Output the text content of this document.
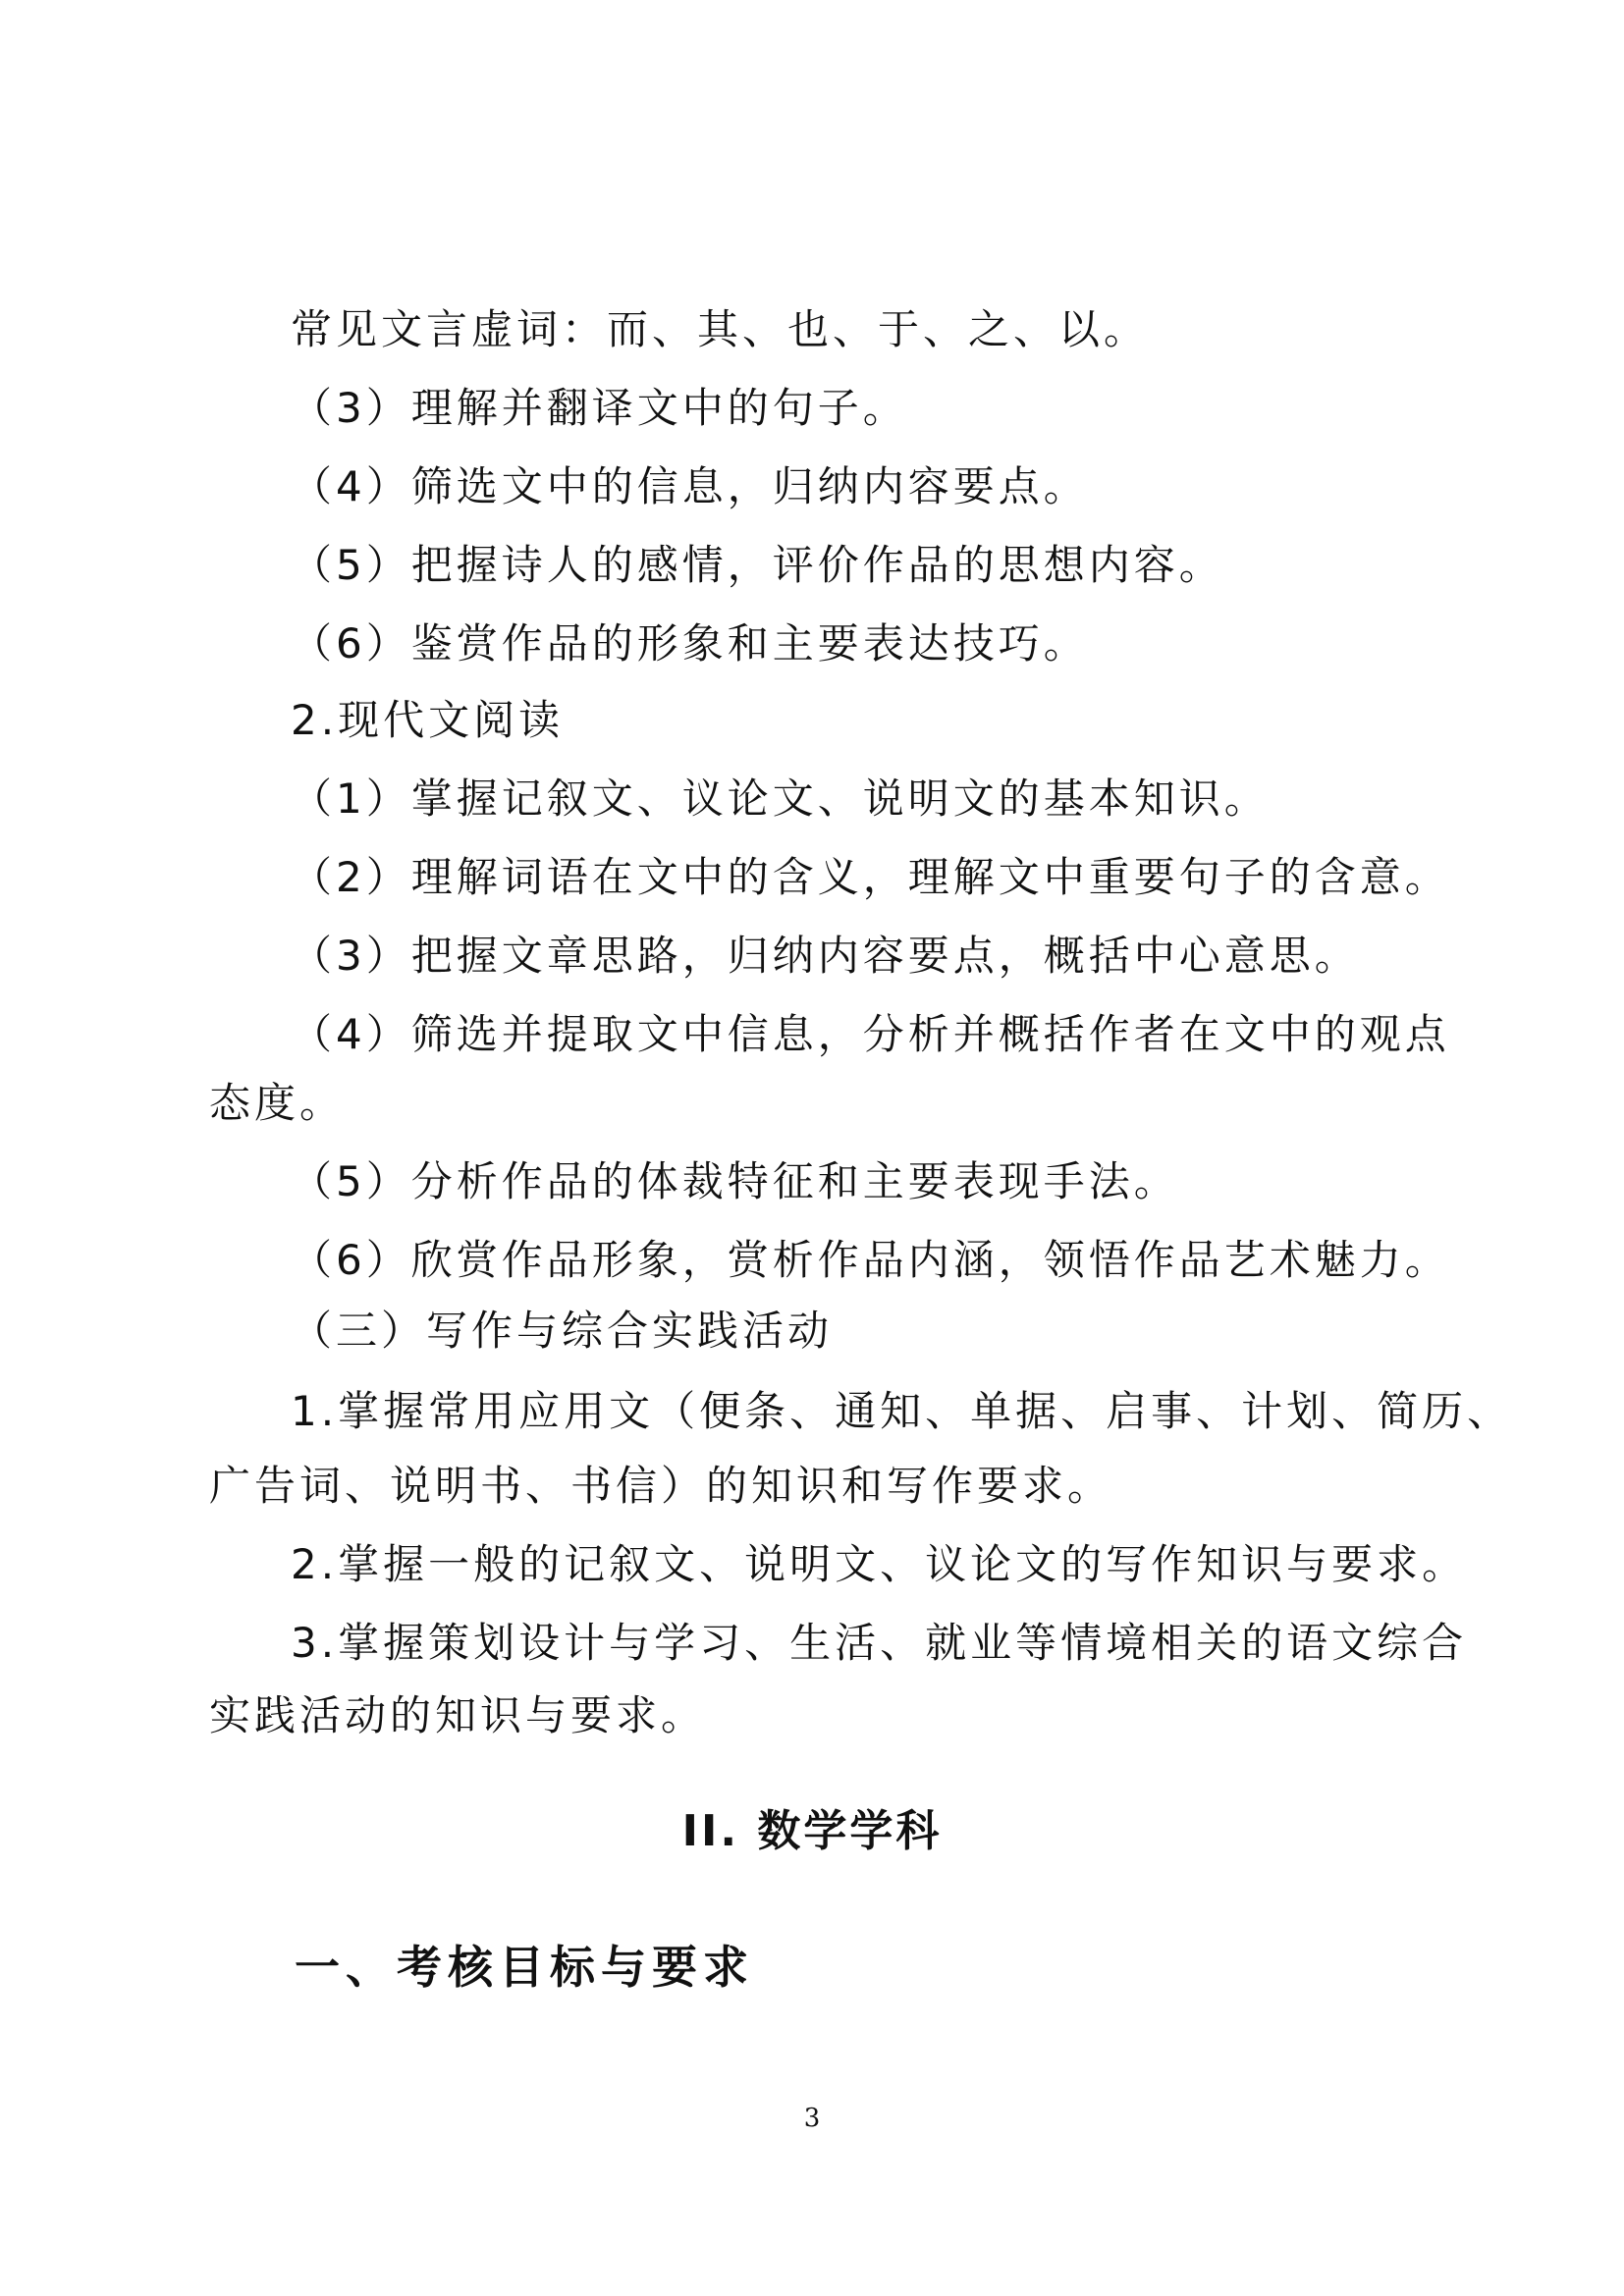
常见文言虚词：而、其、也、于、之、以。
（3）理解并翻译文中的句子。
（4）筛选文中的信息，归纳内容要点。
（5）把握诗人的感情，评价作品的思想内容。
（6）鉴赏作品的形象和主要表达技巧。
2.现代文阅读
（1）掌握记叙文、议论文、说明文的基本知识。
（2）理解词语在文中的含义，理解文中重要句子的含意。
（3）把握文章思路，归纳内容要点，概括中心意思。
（4）筛选并提取文中信息，分析并概括作者在文中的观点
态度。
（5）分析作品的体裁特征和主要表现手法。
（6）欣赏作品形象，赏析作品内涵，领悟作品艺术魅力。
（三）写作与综合实践活动
1.掌握常用应用文（便条、通知、单据、启事、计划、简历、
广告词、说明书、书信）的知识和写作要求。
2.掌握一般的记叙文、说明文、议论文的写作知识与要求。
3.掌握策划设计与学习、生活、就业等情境相关的语文综合
实践活动的知识与要求。
II. 数学学科
一、考核目标与要求
3
